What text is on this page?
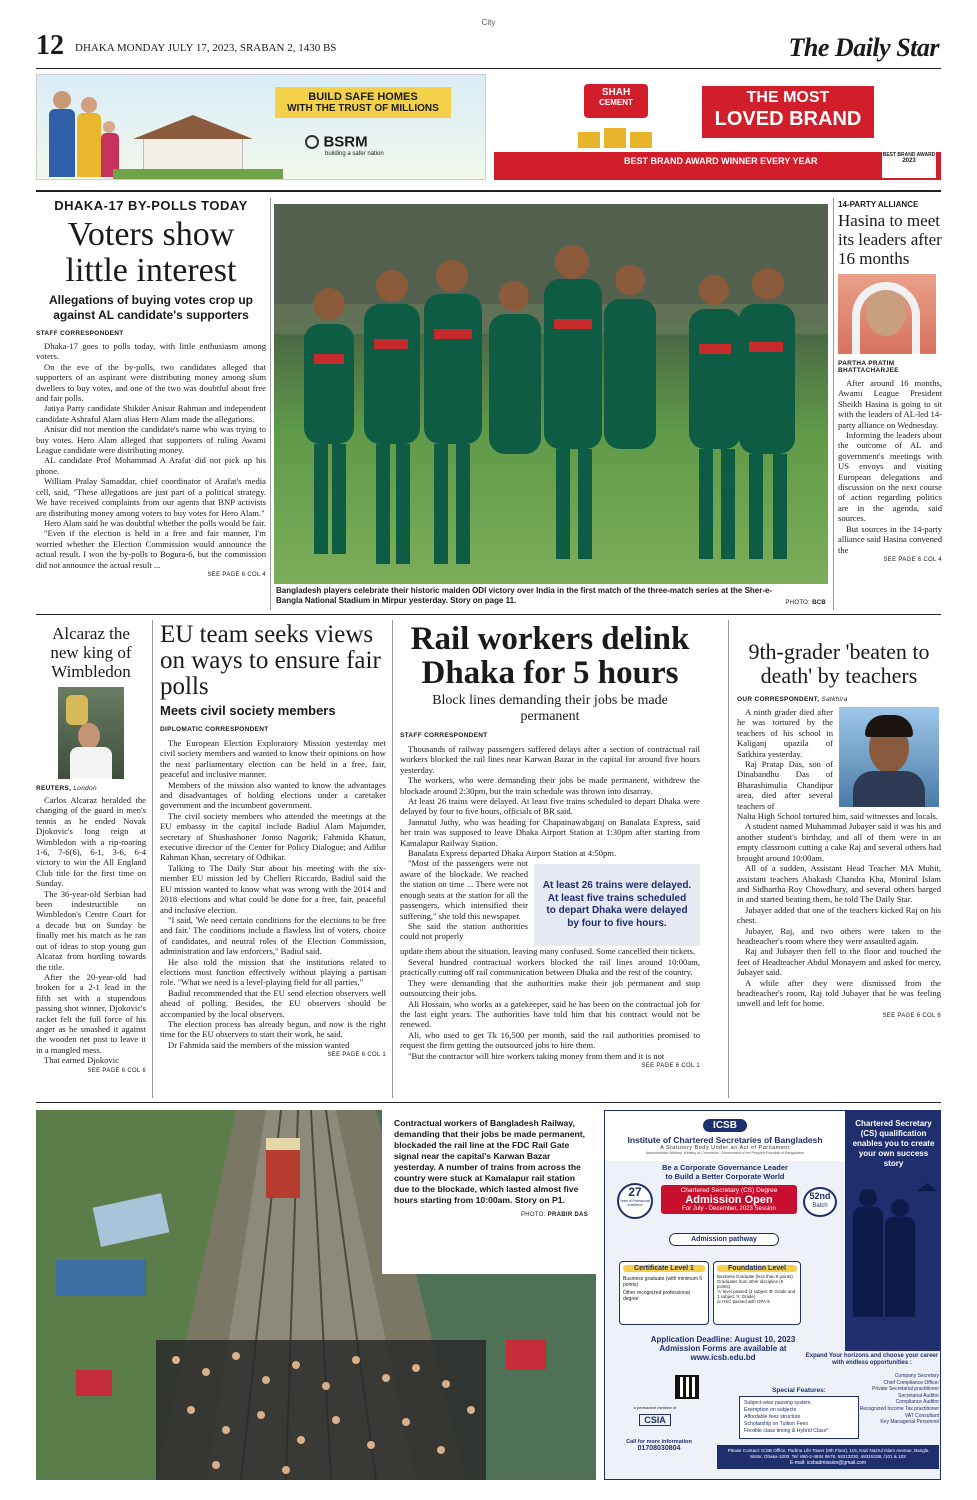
City
12 DHAKA MONDAY JULY 17, 2023, SRABAN 2, 1430 BS	The Daily Star
BUILD SAFE HOMES
WITH THE TRUST OF MILLIONS
BSRM
building a safer nation
SHAH
CEMENT	THE MOST
LOVED BRAND
BEST BRAND AWARD WINNER EVERY YEAR
BEST BRAND AWARD
2023
DHAKA-17 BY-POLLS TODAY
Voters show little interest
Allegations of buying votes crop up against AL candidate's supporters
STAFF CORRESPONDENT

Dhaka-17 goes to polls today, with little enthusiasm among voters.

On the eve of the by-polls, two candidates alleged that supporters of an aspirant were distributing money among slum dwellers to buy votes, and one of the two was doubtful about free and fair polls.

Jatiya Party candidate Shikder Anisur Rahman and independent candidate Ashraful Alam alias Hero Alam made the allegations.

Anisur did not mention the candidate's name who was trying to buy votes. Hero Alam alleged that supporters of ruling Awami League candidate were distributing money.

AL candidate Prof Mohammad A Arafat did not pick up his phone.

William Pralay Samaddar, chief coordinator of Arafat's media cell, said, "These allegations are just part of a political strategy. We have received complaints from our agents that BNP activists are distributing money among voters to buy votes for Hero Alam."

Hero Alam said he was doubtful whether the polls would be fair.

"Even if the election is held in a free and fair manner, I'm worried whether the Election Commission would announce the actual result. I won the by-polls to Bogura-6, but the commission did not announce the actual result ...

SEE PAGE 6 COL 4
Bangladesh players celebrate their historic maiden ODI victory over India in the first match of the three-match series at the Sher-e-Bangla National Stadium in Mirpur yesterday. Story on page 11.	PHOTO: BCB
14-PARTY ALLIANCE
Hasina to meet its leaders after 16 months
PARTHA PRATIM BHATTACHARJEE

After around 16 months, Awami League President Sheikh Hasina is going to sit with the leaders of AL-led 14-party alliance on Wednesday.

Informing the leaders about the outcome of AL and government's meetings with US envoys and visiting European delegations and discussion on the next course of action regarding politics are in the agenda, said sources.

But sources in the 14-party alliance said Hasina convened the

SEE PAGE 6 COL 4
Alcaraz the new king of Wimbledon
REUTERS, London

Carlos Alcaraz heralded the changing of the guard in men's tennis as he ended Novak Djokovic's long reign at Wimbledon with a rip-roaring 1-6, 7-6(6), 6-1, 3-6, 6-4 victory to win the All England Club title for the first time on Sunday.

The 36-year-old Serbian had been indestructible on Wimbledon's Centre Court for a decade but on Sunday he finally met his match as he ran out of ideas to stop young gun Alcaraz from hurtling towards the title.

After the 20-year-old had broken for a 2-1 lead in the fifth set with a stupendous passing shot winner, Djokovic's racket felt the full force of his anger as he smashed it against the wooden net post to leave it in a mangled mess.

That earned Djokovic

SEE PAGE 6 COL 6
EU team seeks views on ways to ensure fair polls
Meets civil society members
DIPLOMATIC CORRESPONDENT

The European Election Exploratory Mission yesterday met civil society members and wanted to know their opinions on how the next parliamentary election can be held in a free, fair, peaceful and inclusive manner.

Members of the mission also wanted to know the advantages and disadvantages of holding elections under a caretaker government and the incumbent government.

The civil society members who attended the meetings at the EU embassy in the capital include Badiul Alam Majumder, secretary of Shushashoner Jonno Nagorik; Fahmida Khatun, executive director of the Center for Policy Dialogue; and Adilur Rahman Khan, secretary of Odhikar.

Talking to The Daily Star about his meeting with the six-member EU mission led by Chelleri Riccardo, Badiul said the EU mission wanted to know what was wrong with the 2014 and 2018 elections and what could be done for a free, fair, peaceful and inclusive election.

"I said, 'We need certain conditions for the elections to be free and fair.' The conditions include a flawless list of voters, choice of candidates, and neutral roles of the Election Commission, administration and law enforcers," Badiul said.

He also told the mission that the institutions related to elections must function effectively without playing a partisan role. "What we need is a level-playing field for all parties."

Badiul recommended that the EU send election observers well ahead of polling. Besides, the EU observers should be accompanied by the local observers.

The election process has already begun, and now is the right time for the EU observers to start their work, he said.

Dr Fahmida said the members of the mission wanted

SEE PAGE 6 COL 1
Rail workers delink Dhaka for 5 hours
Block lines demanding their jobs be made permanent
STAFF CORRESPONDENT

Thousands of railway passengers suffered delays after a section of contractual rail workers blocked the rail lines near Karwan Bazar in the capital for around five hours yesterday.

The workers, who were demanding their jobs be made permanent, withdrew the blockade around 2:30pm, but the train schedule was thrown into disarray.

At least 26 trains were delayed. At least five trains scheduled to depart Dhaka were delayed by four to five hours, officials of BR said.

Jannatul Juthy, who was heading for Chapainawabganj on Banalata Express, said her train was supposed to leave Dhaka Airport Station at 1:30pm after starting from Kamalapur Railway Station.

Banalata Express departed Dhaka Airport Station at 4:50pm.

"Most of the passengers were not aware of the blockade. We reached the station on time ... There were not enough seats at the station for all the passengers, which intensified their suffering," she told this newspaper.

She said the station authorities could not properly

At least 26 trains were delayed. At least five trains scheduled to depart Dhaka were delayed by four to five hours.

update them about the situation, leaving many confused. Some cancelled their tickets.

Several hundred contractual workers blocked the rail lines around 10:00am, practically cutting off rail communication between Dhaka and the rest of the country.

They were demanding that the authorities make their job permanent and stop outsourcing their jobs.

Ali Hossain, who works as a gatekeeper, said he has been on the contractual job for the last eight years. The authorities have told him that his contract would not be renewed.

Ali, who used to get Tk 16,500 per month, said the rail authorities promised to request the firm getting the outsourced jobs to hire them.

"But the contractor will hire workers taking money from them and it is not

SEE PAGE 6 COL 1
9th-grader 'beaten to death' by teachers
OUR CORRESPONDENT, Satkhira

A ninth grader died after he was tortured by the teachers of his school in Kaliganj upazila of Satkhira yesterday.

Raj Pratap Das, son of Dinabandhu Das of Bharashimulia Chandipur area, died after several teachers of

Nalta High School tortured him, said witnesses and locals.

A student named Muhammad Jubayer said it was his and another student's birthday, and all of them were in an empty classroom cutting a cake Raj and several others had brought around 10:00am.

All of a sudden, Assistant Head Teacher MA Muhit, assistant teachers Abakash Chandra Kha, Monirul Islam and Sidhartha Roy Chowdhury, and several others barged in and started beating them, he told The Daily Star.

Jubayer added that one of the teachers kicked Raj on his chest.

Jubayer, Raj, and two others were taken to the headteacher's room where they were assaulted again.

Raj and Jubayer then fell to the floor and touched the feet of Headteacher Abdul Monayem and asked for mercy, Jubayer said.

A while after they were dismissed from the headteacher's room, Raj told Jubayer that he was feeling unwell and left for home.

SEE PAGE 6 COL 6
Contractual workers of Bangladesh Railway, demanding that their jobs be made permanent, blockaded the rail line at the FDC Rail Gate signal near the capital's Karwan Bazar yesterday. A number of trains from across the country were stuck at Kamalapur rail station due to the blockade, which lasted almost five hours starting from 10:00am. Story on P1.
PHOTO: PRABIR DAS
ICSB
Institute of Chartered Secretaries of Bangladesh
A Statutory Body Under an Act of Parliament
Administrative Ministry: Ministry of Commerce, Government of the People's Republic of Bangladesh
Chartered Secretary (CS) qualification enables you to create your own success story
Be a Corporate Governance Leader
to Build a Better Corporate World
27
Years of Professional excellence
Chartered Secretary (CS) Degree
Admission Open
For July - December, 2023 Session
52nd
Batch
Admission pathway
Certificate Level 1
Business graduate (with minimum 6 points)
Other recognized professional degree
Foundation Level
Business Graduate (less than 6 points)
Graduates from other discipline (6 points)
'A' level passed (3 subject 'B' Grade and 1 subject 'A' Grade)
or HSC passed with GPA-5
Application Deadline: August 10, 2023
Admission Forms are available at
www.icsb.edu.bd
a permanent member of
CSIA
Call for more information
01708030804
Expand Your horizons and choose your career with endless opportunities :
Company Secretary
Chief Compliance Officer
Private Secretarial practitioner
Secretarial Auditor
Compliance Auditor
Recognized Income Tax practitioner
VAT Consultant
Key Managerial Personnel
Special Features:
Subject-wise passing system
Exemption on subjects
Affordable fees structure
Scholarship on Tuition Fees
Flexible class timing & Hybrid Class*
Please Contact: ICSB Office, Padma Life Tower (8th Floor), 115, Kazi Nazrul Islam Avenue, Bangla Motor, Dhaka-1000. Tel: 880-2-4934 9578, 58313230, 48315338, /101 & 102
E-mail: icsbadmission@gmail.com
